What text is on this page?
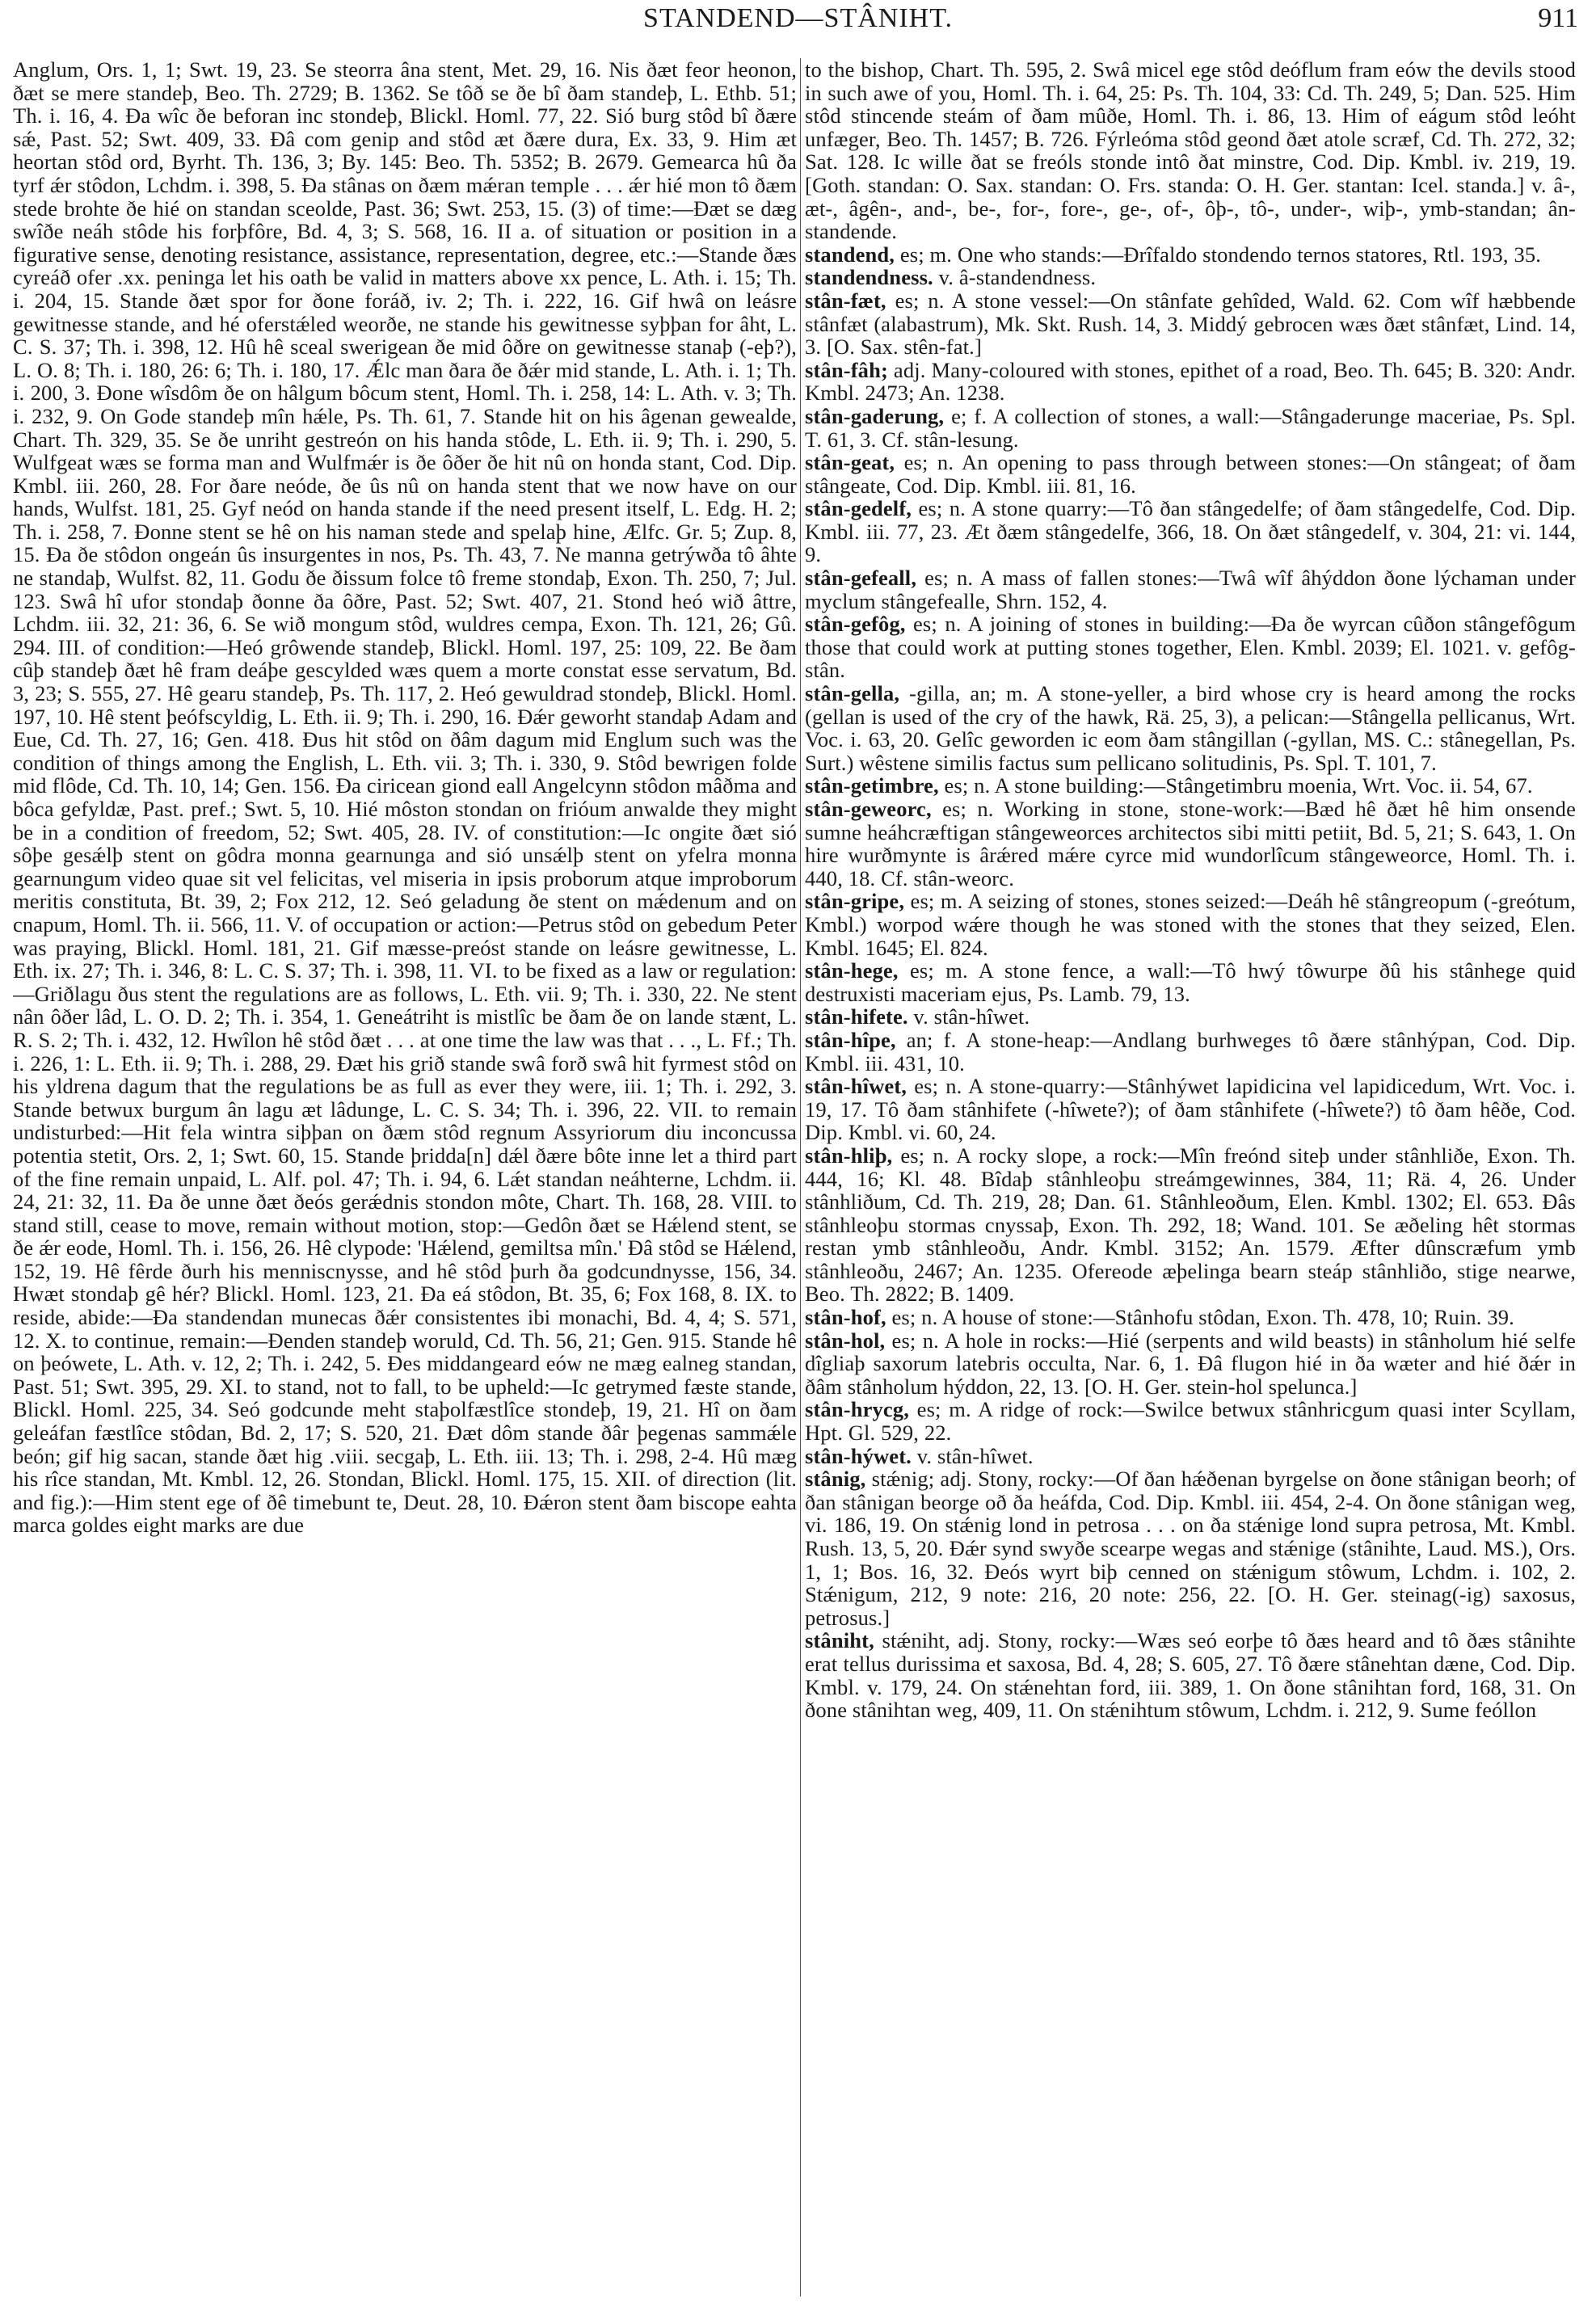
STANDEND—STÂNIHT.	911

Anglum, Ors. 1, 1; Swt. 19, 23. Se steorra âna stent, Met. 29, 16. Nis ðæt feor heonon, ðæt se mere standeþ, Beo. Th. 2729; B. 1362. Se tôð se ðe bî ðam standeþ, L. Ethb. 51; Th. i. 16, 4. Ða wîc ðe beforan inc stondeþ, Blickl. Homl. 77, 22. Sió burg stôd bî ðære sǽ, Past. 52; Swt. 409, 33. Ðâ com genip and stôd æt ðære dura, Ex. 33, 9. Him æt heortan stôd ord, Byrht. Th. 136, 3; By. 145: Beo. Th. 5352; B. 2679. Gemearca hû ða tyrf ǽr stôdon, Lchdm. i. 398, 5. Ða stânas on ðæm mǽran temple . . . ǽr hié mon tô ðæm stede brohte ðe hié on standan sceolde, Past. 36; Swt. 253, 15. (3) of time:—Ðæt se dæg swîðe neáh stôde his forþfôre, Bd. 4, 3; S. 568, 16. II a. of situation or position in a figurative sense, denoting resistance, assistance, representation, degree, etc.:—Stande ðæs cyreáð ofer .xx. peninga let his oath be valid in matters above xx pence, L. Ath. i. 15; Th. i. 204, 15. Stande ðæt spor for ðone foráð, iv. 2; Th. i. 222, 16. Gif hwâ on leásre gewitnesse stande, and hé oferstǽled weorðe, ne stande his gewitnesse syþþan for âht, L. C. S. 37; Th. i. 398, 12. Hû hê sceal swerigean ðe mid ôðre on gewitnesse stanaþ (-eþ?), L. O. 8; Th. i. 180, 26: 6; Th. i. 180, 17. Ǽlc man ðara ðe ðǽr mid stande, L. Ath. i. 1; Th. i. 200, 3. Ðone wîsdôm ðe on hâlgum bôcum stent, Homl. Th. i. 258, 14: L. Ath. v. 3; Th. i. 232, 9. On Gode standeþ mîn hǽle, Ps. Th. 61, 7. Stande hit on his âgenan gewealde, Chart. Th. 329, 35. Se ðe unriht gestreón on his handa stôde, L. Eth. ii. 9; Th. i. 290, 5. Wulfgeat wæs se forma man and Wulfmǽr is ðe ôðer ðe hit nû on honda stant, Cod. Dip. Kmbl. iii. 260, 28. For ðare neóde, ðe ûs nû on handa stent that we now have on our hands, Wulfst. 181, 25. Gyf neód on handa stande if the need present itself, L. Edg. H. 2; Th. i. 258, 7. Ðonne stent se hê on his naman stede and spelaþ hine, Ælfc. Gr. 5; Zup. 8, 15. Ða ðe stôdon ongeán ûs insurgentes in nos, Ps. Th. 43, 7. Ne manna getrýwða tô âhte ne standaþ, Wulfst. 82, 11. Godu ðe ðissum folce tô freme stondaþ, Exon. Th. 250, 7; Jul. 123. Swâ hî ufor stondaþ ðonne ða ôðre, Past. 52; Swt. 407, 21. Stond heó wið âttre, Lchdm. iii. 32, 21: 36, 6. Se wið mongum stôd, wuldres cempa, Exon. Th. 121, 26; Gû. 294. III. of condition:—Heó grôwende standeþ, Blickl. Homl. 197, 25: 109, 22. Be ðam cûþ standeþ ðæt hê fram deáþe gescylded wæs quem a morte constat esse servatum, Bd. 3, 23; S. 555, 27. Hê gearu standeþ, Ps. Th. 117, 2. Heó gewuldrad stondeþ, Blickl. Homl. 197, 10. Hê stent þeófscyldig, L. Eth. ii. 9; Th. i. 290, 16. Ðǽr geworht standaþ Adam and Eue, Cd. Th. 27, 16; Gen. 418. Ðus hit stôd on ðâm dagum mid Englum such was the condition of things among the English, L. Eth. vii. 3; Th. i. 330, 9. Stôd bewrigen folde mid flôde, Cd. Th. 10, 14; Gen. 156. Ða ciricean giond eall Angelcynn stôdon mâðma and bôca gefyldæ, Past. pref.; Swt. 5, 10. Hié môston stondan on frióum anwalde they might be in a condition of freedom, 52; Swt. 405, 28. IV. of constitution:—Ic ongite ðæt sió sôþe gesǽlþ stent on gôdra monna gearnunga and sió unsǽlþ stent on yfelra monna gearnungum video quae sit vel felicitas, vel miseria in ipsis proborum atque improborum meritis constituta, Bt. 39, 2; Fox 212, 12. Seó geladung ðe stent on mǽdenum and on cnapum, Homl. Th. ii. 566, 11. V. of occupation or action:—Petrus stôd on gebedum Peter was praying, Blickl. Homl. 181, 21. Gif mæsse-preóst stande on leásre gewitnesse, L. Eth. ix. 27; Th. i. 346, 8: L. C. S. 37; Th. i. 398, 11. VI. to be fixed as a law or regulation:—Griðlagu ðus stent the regulations are as follows, L. Eth. vii. 9; Th. i. 330, 22. Ne stent nân ôðer lâd, L. O. D. 2; Th. i. 354, 1. Geneátriht is mistlîc be ðam ðe on lande stænt, L. R. S. 2; Th. i. 432, 12. Hwîlon hê stôd ðæt . . . at one time the law was that . . ., L. Ff.; Th. i. 226, 1: L. Eth. ii. 9; Th. i. 288, 29. Ðæt his grið stande swâ forð swâ hit fyrmest stôd on his yldrena dagum that the regulations be as full as ever they were, iii. 1; Th. i. 292, 3. Stande betwux burgum ân lagu æt lâdunge, L. C. S. 34; Th. i. 396, 22. VII. to remain undisturbed:—Hit fela wintra siþþan on ðæm stôd regnum Assyriorum diu inconcussa potentia stetit, Ors. 2, 1; Swt. 60, 15. Stande þridda[n] dǽl ðære bôte inne let a third part of the fine remain unpaid, L. Alf. pol. 47; Th. i. 94, 6. Lǽt standan neáhterne, Lchdm. ii. 24, 21: 32, 11. Ða ðe unne ðæt ðeós gerǽdnis stondon môte, Chart. Th. 168, 28. VIII. to stand still, cease to move, remain without motion, stop:—Gedôn ðæt se Hǽlend stent, se ðe ǽr eode, Homl. Th. i. 156, 26. Hê clypode: 'Hǽlend, gemiltsa mîn.' Ðâ stôd se Hǽlend, 152, 19. Hê fêrde ðurh his menniscnysse, and hê stôd þurh ða godcundnysse, 156, 34. Hwæt stondaþ gê hér? Blickl. Homl. 123, 21. Ða eá stôdon, Bt. 35, 6; Fox 168, 8. IX. to reside, abide:—Ða standendan munecas ðǽr consistentes ibi monachi, Bd. 4, 4; S. 571, 12. X. to continue, remain:—Ðenden standeþ woruld, Cd. Th. 56, 21; Gen. 915. Stande hê on þeówete, L. Ath. v. 12, 2; Th. i. 242, 5. Ðes middangeard eów ne mæg ealneg standan, Past. 51; Swt. 395, 29. XI. to stand, not to fall, to be upheld:—Ic getrymed fæste stande, Blickl. Homl. 225, 34. Seó godcunde meht staþolfæstlîce stondeþ, 19, 21. Hî on ðam geleáfan fæstlîce stôdan, Bd. 2, 17; S. 520, 21. Ðæt dôm stande ðâr þegenas sammǽle beón; gif hig sacan, stande ðæt hig .viii. secgaþ, L. Eth. iii. 13; Th. i. 298, 2-4. Hû mæg his rîce standan, Mt. Kmbl. 12, 26. Stondan, Blickl. Homl. 175, 15. XII. of direction (lit. and fig.):—Him stent ege of ðê timebunt te, Deut. 28, 10. Ðǽron stent ðam biscope eahta marca goldes eight marks are due

to the bishop, Chart. Th. 595, 2. Swâ micel ege stôd deóflum fram eów the devils stood in such awe of you, Homl. Th. i. 64, 25: Ps. Th. 104, 33: Cd. Th. 249, 5; Dan. 525. Him stôd stincende steám of ðam mûðe, Homl. Th. i. 86, 13. Him of eágum stôd leóht unfæger, Beo. Th. 1457; B. 726. Fýrleóma stôd geond ðæt atole scræf, Cd. Th. 272, 32; Sat. 128. Ic wille ðat se freóls stonde intô ðat minstre, Cod. Dip. Kmbl. iv. 219, 19. [Goth. standan: O. Sax. standan: O. Frs. standa: O. H. Ger. stantan: Icel. standa.] v. â-, æt-, âgên-, and-, be-, for-, fore-, ge-, of-, ôþ-, tô-, under-, wiþ-, ymb-standan; ân-standende.

standend, es; m. One who stands:—Ðrîfaldo stondendo ternos statores, Rtl. 193, 35.

standendness. v. â-standendness.

stân-fæt, es; n. A stone vessel:—On stânfate gehîded, Wald. 62. Com wîf hæbbende stânfæt (alabastrum), Mk. Skt. Rush. 14, 3. Middý gebrocen wæs ðæt stânfæt, Lind. 14, 3. [O. Sax. stên-fat.]

stân-fâh; adj. Many-coloured with stones, epithet of a road, Beo. Th. 645; B. 320: Andr. Kmbl. 2473; An. 1238.

stân-gaderung, e; f. A collection of stones, a wall:—Stângaderunge maceriae, Ps. Spl. T. 61, 3. Cf. stân-lesung.

stân-geat, es; n. An opening to pass through between stones:—On stângeat; of ðam stângeate, Cod. Dip. Kmbl. iii. 81, 16.

stân-gedelf, es; n. A stone quarry:—Tô ðan stângedelfe; of ðam stângedelfe, Cod. Dip. Kmbl. iii. 77, 23. Æt ðæm stângedelfe, 366, 18. On ðæt stângedelf, v. 304, 21: vi. 144, 9.

stân-gefeall, es; n. A mass of fallen stones:—Twâ wîf âhýddon ðone lýchaman under myclum stângefealle, Shrn. 152, 4.

stân-gefôg, es; n. A joining of stones in building:—Ða ðe wyrcan cûðon stângefôgum those that could work at putting stones together, Elen. Kmbl. 2039; El. 1021. v. gefôg-stân.

stân-gella, -gilla, an; m. A stone-yeller, a bird whose cry is heard among the rocks (gellan is used of the cry of the hawk, Rä. 25, 3), a pelican:—Stângella pellicanus, Wrt. Voc. i. 63, 20. Gelîc geworden ic eom ðam stângillan (-gyllan, MS. C.: stânegellan, Ps. Surt.) wêstene similis factus sum pellicano solitudinis, Ps. Spl. T. 101, 7.

stân-getimbre, es; n. A stone building:—Stângetimbru moenia, Wrt. Voc. ii. 54, 67.

stân-geweorc, es; n. Working in stone, stone-work:—Bæd hê ðæt hê him onsende sumne heáhcræftigan stângeweorces architectos sibi mitti petiit, Bd. 5, 21; S. 643, 1. On hire wurðmynte is ârǽred mǽre cyrce mid wundorlîcum stângeweorce, Homl. Th. i. 440, 18. Cf. stân-weorc.

stân-gripe, es; m. A seizing of stones, stones seized:—Deáh hê stângreopum (-greótum, Kmbl.) worpod wǽre though he was stoned with the stones that they seized, Elen. Kmbl. 1645; El. 824.

stân-hege, es; m. A stone fence, a wall:—Tô hwý tôwurpe ðû his stânhege quid destruxisti maceriam ejus, Ps. Lamb. 79, 13.

stân-hifete. v. stân-hîwet.

stân-hîpe, an; f. A stone-heap:—Andlang burhweges tô ðære stânhýpan, Cod. Dip. Kmbl. iii. 431, 10.

stân-hîwet, es; n. A stone-quarry:—Stânhýwet lapidicina vel lapidicedum, Wrt. Voc. i. 19, 17. Tô ðam stânhifete (-hîwete?); of ðam stânhifete (-hîwete?) tô ðam hêðe, Cod. Dip. Kmbl. vi. 60, 24.

stân-hliþ, es; n. A rocky slope, a rock:—Mîn freónd siteþ under stânhliðe, Exon. Th. 444, 16; Kl. 48. Bîdaþ stânhleoþu streámgewinnes, 384, 11; Rä. 4, 26. Under stânhliðum, Cd. Th. 219, 28; Dan. 61. Stânhleoðum, Elen. Kmbl. 1302; El. 653. Ðâs stânhleoþu stormas cnyssaþ, Exon. Th. 292, 18; Wand. 101. Se æðeling hêt stormas restan ymb stânhleoðu, Andr. Kmbl. 3152; An. 1579. Æfter dûnscræfum ymb stânhleoðu, 2467; An. 1235. Ofereode æþelinga bearn steáp stânhliðo, stige nearwe, Beo. Th. 2822; B. 1409.

stân-hof, es; n. A house of stone:—Stânhofu stôdan, Exon. Th. 478, 10; Ruin. 39.

stân-hol, es; n. A hole in rocks:—Hié (serpents and wild beasts) in stânholum hié selfe dîgliaþ saxorum latebris occulta, Nar. 6, 1. Ðâ flugon hié in ða wæter and hié ðǽr in ðâm stânholum hýddon, 22, 13. [O. H. Ger. stein-hol spelunca.]

stân-hrycg, es; m. A ridge of rock:—Swilce betwux stânhricgum quasi inter Scyllam, Hpt. Gl. 529, 22.

stân-hýwet. v. stân-hîwet.

stânig, stǽnig; adj. Stony, rocky:—Of ðan hǽðenan byrgelse on ðone stânigan beorh; of ðan stânigan beorge oð ða heáfda, Cod. Dip. Kmbl. iii. 454, 2-4. On ðone stânigan weg, vi. 186, 19. On stǽnig lond in petrosa . . . on ða stǽnige lond supra petrosa, Mt. Kmbl. Rush. 13, 5, 20. Ðǽr synd swyðe scearpe wegas and stǽnige (stânihte, Laud. MS.), Ors. 1, 1; Bos. 16, 32. Ðeós wyrt biþ cenned on stǽnigum stôwum, Lchdm. i. 102, 2. Stǽnigum, 212, 9 note: 216, 20 note: 256, 22. [O. H. Ger. steinag(-ig) saxosus, petrosus.]

stâniht, stǽniht, adj. Stony, rocky:—Wæs seó eorþe tô ðæs heard and tô ðæs stânihte erat tellus durissima et saxosa, Bd. 4, 28; S. 605, 27. Tô ðære stânehtan dæne, Cod. Dip. Kmbl. v. 179, 24. On stǽnehtan ford, iii. 389, 1. On ðone stânihtan ford, 168, 31. On ðone stânihtan weg, 409, 11. On stǽnihtum stôwum, Lchdm. i. 212, 9. Sume feóllon
